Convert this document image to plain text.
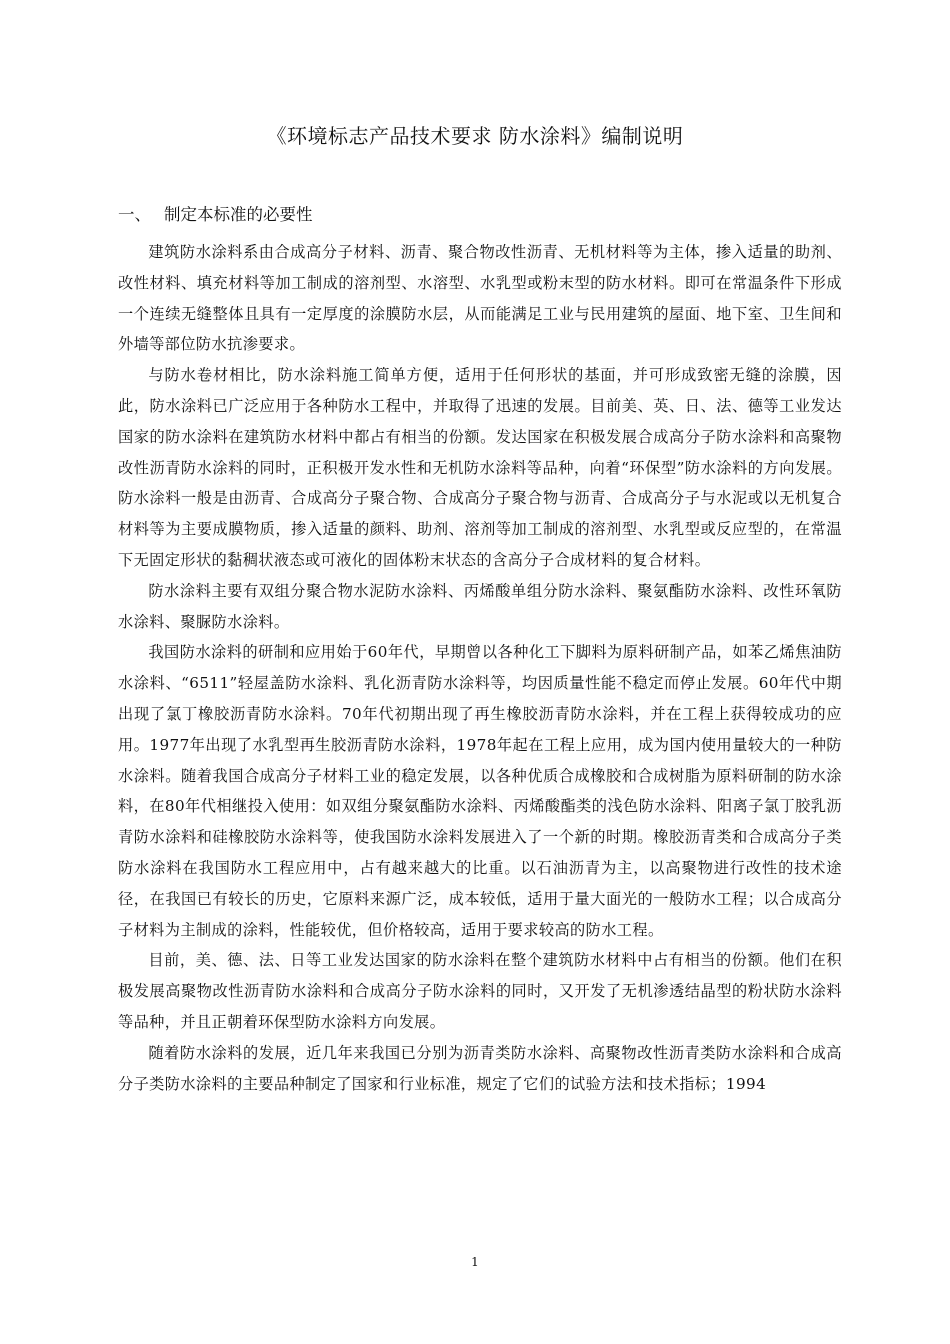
《环境标志产品技术要求 防水涂料》编制说明
一、 制定本标准的必要性

建筑防水涂料系由合成高分子材料、沥青、聚合物改性沥青、无机材料等为主体，掺入适量的助剂、改性材料、填充材料等加工制成的溶剂型、水溶型、水乳型或粉末型的防水材料。即可在常温条件下形成一个连续无缝整体且具有一定厚度的涂膜防水层，从而能满足工业与民用建筑的屋面、地下室、卫生间和外墙等部位防水抗渗要求。

与防水卷材相比，防水涂料施工简单方便，适用于任何形状的基面，并可形成致密无缝的涂膜，因此，防水涂料已广泛应用于各种防水工程中，并取得了迅速的发展。目前美、英、日、法、德等工业发达国家的防水涂料在建筑防水材料中都占有相当的份额。发达国家在积极发展合成高分子防水涂料和高聚物改性沥青防水涂料的同时，正积极开发水性和无机防水涂料等品种，向着“环保型”防水涂料的方向发展。防水涂料一般是由沥青、合成高分子聚合物、合成高分子聚合物与沥青、合成高分子与水泥或以无机复合材料等为主要成膜物质，掺入适量的颜料、助剂、溶剂等加工制成的溶剂型、水乳型或反应型的，在常温下无固定形状的黏稠状液态或可液化的固体粉末状态的含高分子合成材料的复合材料。

防水涂料主要有双组分聚合物水泥防水涂料、丙烯酸单组分防水涂料、聚氨酯防水涂料、改性环氧防水涂料、聚脲防水涂料。

我国防水涂料的研制和应用始于60年代，早期曾以各种化工下脚料为原料研制产品，如苯乙烯焦油防水涂料、“6511”轻屋盖防水涂料、乳化沥青防水涂料等，均因质量性能不稳定而停止发展。60年代中期出现了氯丁橡胶沥青防水涂料。70年代初期出现了再生橡胶沥青防水涂料，并在工程上获得较成功的应用。1977年出现了水乳型再生胶沥青防水涂料，1978年起在工程上应用，成为国内使用量较大的一种防水涂料。随着我国合成高分子材料工业的稳定发展，以各种优质合成橡胶和合成树脂为原料研制的防水涂料，在80年代相继投入使用：如双组分聚氨酯防水涂料、丙烯酸酯类的浅色防水涂料、阳离子氯丁胶乳沥青防水涂料和硅橡胶防水涂料等，使我国防水涂料发展进入了一个新的时期。橡胶沥青类和合成高分子类防水涂料在我国防水工程应用中，占有越来越大的比重。以石油沥青为主，以高聚物进行改性的技术途径，在我国已有较长的历史，它原料来源广泛，成本较低，适用于量大面光的一般防水工程；以合成高分子材料为主制成的涂料，性能较优，但价格较高，适用于要求较高的防水工程。

目前，美、德、法、日等工业发达国家的防水涂料在整个建筑防水材料中占有相当的份额。他们在积极发展高聚物改性沥青防水涂料和合成高分子防水涂料的同时，又开发了无机渗透结晶型的粉状防水涂料等品种，并且正朝着环保型防水涂料方向发展。

随着防水涂料的发展，近几年来我国已分别为沥青类防水涂料、高聚物改性沥青类防水涂料和合成高分子类防水涂料的主要品种制定了国家和行业标准，规定了它们的试验方法和技术指标；1994

1
